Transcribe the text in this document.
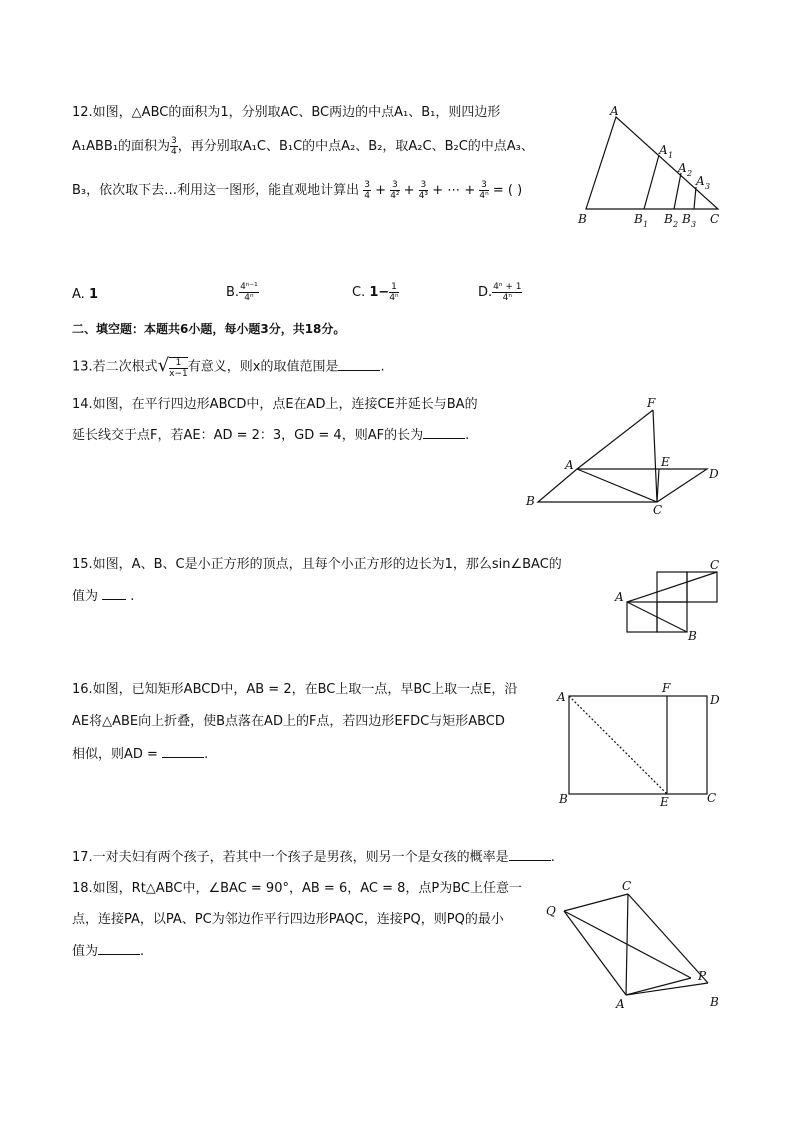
12.如图，△ABC的面积为1，分别取AC、BC两边的中点A₁、B₁，则四边形
A₁ABB₁的面积为 $\frac{3}{4}$ ，再分别取A₁C、B₁C的中点A₂、B₂，取A₂C、B₂C的中点A₃、
B₃，依次取下去…利用这一图形，能直观地计算出 $\frac{3}{4} + \frac{3}{\text{4²}} + \frac{3}{\text{4³}}$ + ⋯ + $\frac{3}{\text{4ⁿ}}$ = ( )
A
B	C
A 1
A 2
A 3
B 1 B 2 B 3
A. 1	B. $\frac{\text{4ⁿ⁻¹}}{\text{4ⁿ}}$	C. $1- \frac{1}{\text{4ⁿ}}$	D. $\frac{\text{4ⁿ + 1}}{\text{4ⁿ}}$
二、填空题：本题共6小题，每小题3分，共18分。
13.若二次根式√ $\frac{1}{x-1}$ 有意义，则x的取值范围是	.
14.如图，在平行四边形ABCD中，点E在AD上，连接CE并延长与BA的
延长线交于点F，若AE：AD = 2：3，GD = 4，则AF的长为	.
F
A	E
D
B
C
15.如图，A、B、C是小正方形的顶点，且每个小正方形的边长为1，那么sin∠BAC的
值为 .	A
C
B
16.如图，已知矩形ABCD中，AB = 2，在BC上取一点，早BC上取一点E，沿
AE将△ABE向上折叠，使B点落在AD上的F点，若四边形EFDC与矩形ABCD
相似，则AD =	.
A
F
D
B	E	C
17.一对夫妇有两个孩子，若其中一个孩子是男孩，则另一个是女孩的概率是	.
18.如图，Rt△ABC中，∠BAC = 90°，AB = 6，AC = 8，点P为BC上任意一
点，连接PA，以PA、PC为邻边作平行四边形PAQC，连接PQ，则PQ的最小
值为	.
C
Q
P
A	B
